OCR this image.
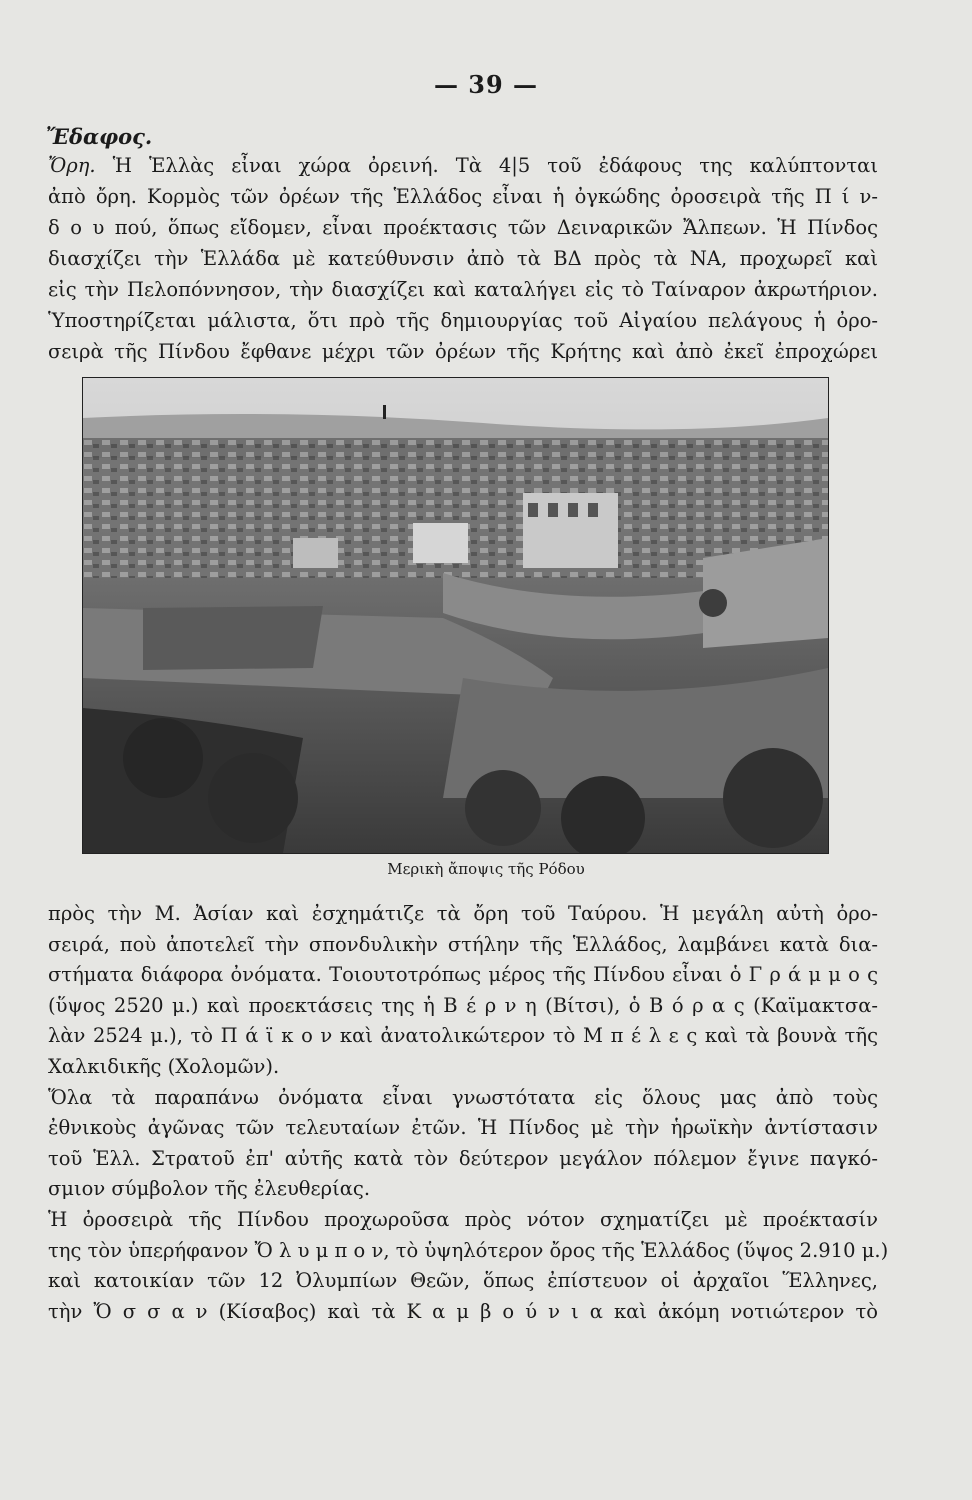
— 39 —
Ἔδαφος.
Ὄρη. Ἡ Ἑλλὰς εἶναι χώρα ὀρεινή. Τὰ 4|5 τοῦ ἐδάφους της καλύπτονται
ἀπὸ ὄρη. Κορμὸς τῶν ὀρέων τῆς Ἑλλάδος εἶναι ἡ ὀγκώδης ὀροσειρὰ τῆς Π ί ν-
δ ο υ πού, ὅπως εἴδομεν, εἶναι προέκτασις τῶν Δειναρικῶν Ἄλπεων. Ἡ Πίνδος
διασχίζει τὴν Ἑλλάδα μὲ κατεύθυνσιν ἀπὸ τὰ ΒΔ πρὸς τὰ ΝΑ, προχωρεῖ καὶ
εἰς τὴν Πελοπόννησον, τὴν διασχίζει καὶ καταλήγει εἰς τὸ Ταίναρον ἀκρωτήριον.
Ὑποστηρίζεται μάλιστα, ὅτι πρὸ τῆς δημιουργίας τοῦ Αἰγαίου πελάγους ἡ ὀρο-
σειρὰ τῆς Πίνδου ἔφθανε μέχρι τῶν ὀρέων τῆς Κρήτης καὶ ἀπὸ ἐκεῖ ἐπροχώρει
Μερικὴ ἄποψις τῆς Ρόδου
πρὸς τὴν Μ. Ἀσίαν καὶ ἐσχημάτιζε τὰ ὄρη τοῦ Ταύρου. Ἡ μεγάλη αὐτὴ ὀρο-
σειρά, ποὺ ἀποτελεῖ τὴν σπονδυλικὴν στήλην τῆς Ἑλλάδος, λαμβάνει κατὰ δια-
στήματα διάφορα ὀνόματα. Τοιουτοτρόπως μέρος τῆς Πίνδου εἶναι ὁ Γ ρ ά μ μ ο ς
(ὕψος 2520 μ.) καὶ προεκτάσεις της ἡ Β έ ρ ν η (Βίτσι), ὁ Β ό ρ α ς (Καϊμακτσα-
λὰν 2524 μ.), τὸ Π ά ϊ κ ο ν καὶ ἀνατολικώτερον τὸ Μ π έ λ ε ς καὶ τὰ βουνὰ τῆς
Χαλκιδικῆς (Χολομῶν).
Ὅλα τὰ παραπάνω ὀνόματα εἶναι γνωστότατα εἰς ὅλους μας ἀπὸ τοὺς
ἐθνικοὺς ἀγῶνας τῶν τελευταίων ἐτῶν. Ἡ Πίνδος μὲ τὴν ἡρωϊκὴν ἀντίστασιν
τοῦ Ἑλλ. Στρατοῦ ἐπ' αὐτῆς κατὰ τὸν δεύτερον μεγάλον πόλεμον ἔγινε παγκό-
σμιον σύμβολον τῆς ἐλευθερίας.
Ἡ ὀροσειρὰ τῆς Πίνδου προχωροῦσα πρὸς νότον σχηματίζει μὲ προέκτασίν
της τὸν ὑπερήφανον Ὄ λ υ μ π ο ν, τὸ ὑψηλότερον ὄρος τῆς Ἑλλάδος (ὕψος 2.910 μ.)
καὶ κατοικίαν τῶν 12 Ὀλυμπίων Θεῶν, ὅπως ἐπίστευον οἱ ἀρχαῖοι Ἕλληνες,
τὴν Ὄ σ σ α ν (Κίσαβος) καὶ τὰ Κ α μ β ο ύ ν ι α καὶ ἀκόμη νοτιώτερον τὸ
